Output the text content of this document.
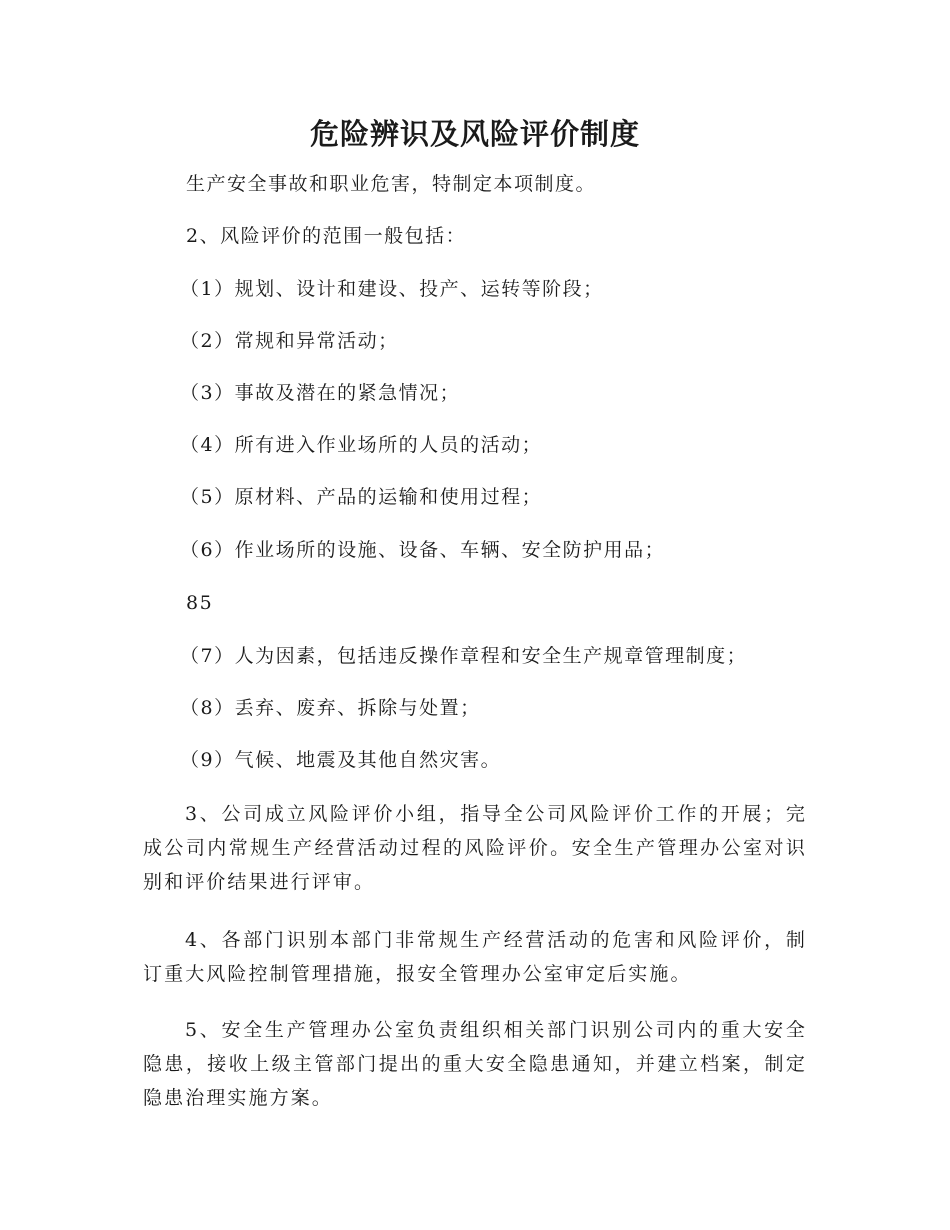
危险辨识及风险评价制度

生产安全事故和职业危害，特制定本项制度。

2、风险评价的范围一般包括：

（1）规划、设计和建设、投产、运转等阶段；

（2）常规和异常活动；

（3）事故及潜在的紧急情况；

（4）所有进入作业场所的人员的活动；

（5）原材料、产品的运输和使用过程；

（6）作业场所的设施、设备、车辆、安全防护用品；

85

（7）人为因素，包括违反操作章程和安全生产规章管理制度；

（8）丢弃、废弃、拆除与处置；

（9）气候、地震及其他自然灾害。

3、公司成立风险评价小组，指导全公司风险评价工作的开展；完成公司内常规生产经营活动过程的风险评价。安全生产管理办公室对识别和评价结果进行评审。

4、各部门识别本部门非常规生产经营活动的危害和风险评价，制订重大风险控制管理措施，报安全管理办公室审定后实施。

5、安全生产管理办公室负责组织相关部门识别公司内的重大安全隐患，接收上级主管部门提出的重大安全隐患通知，并建立档案，制定隐患治理实施方案。
